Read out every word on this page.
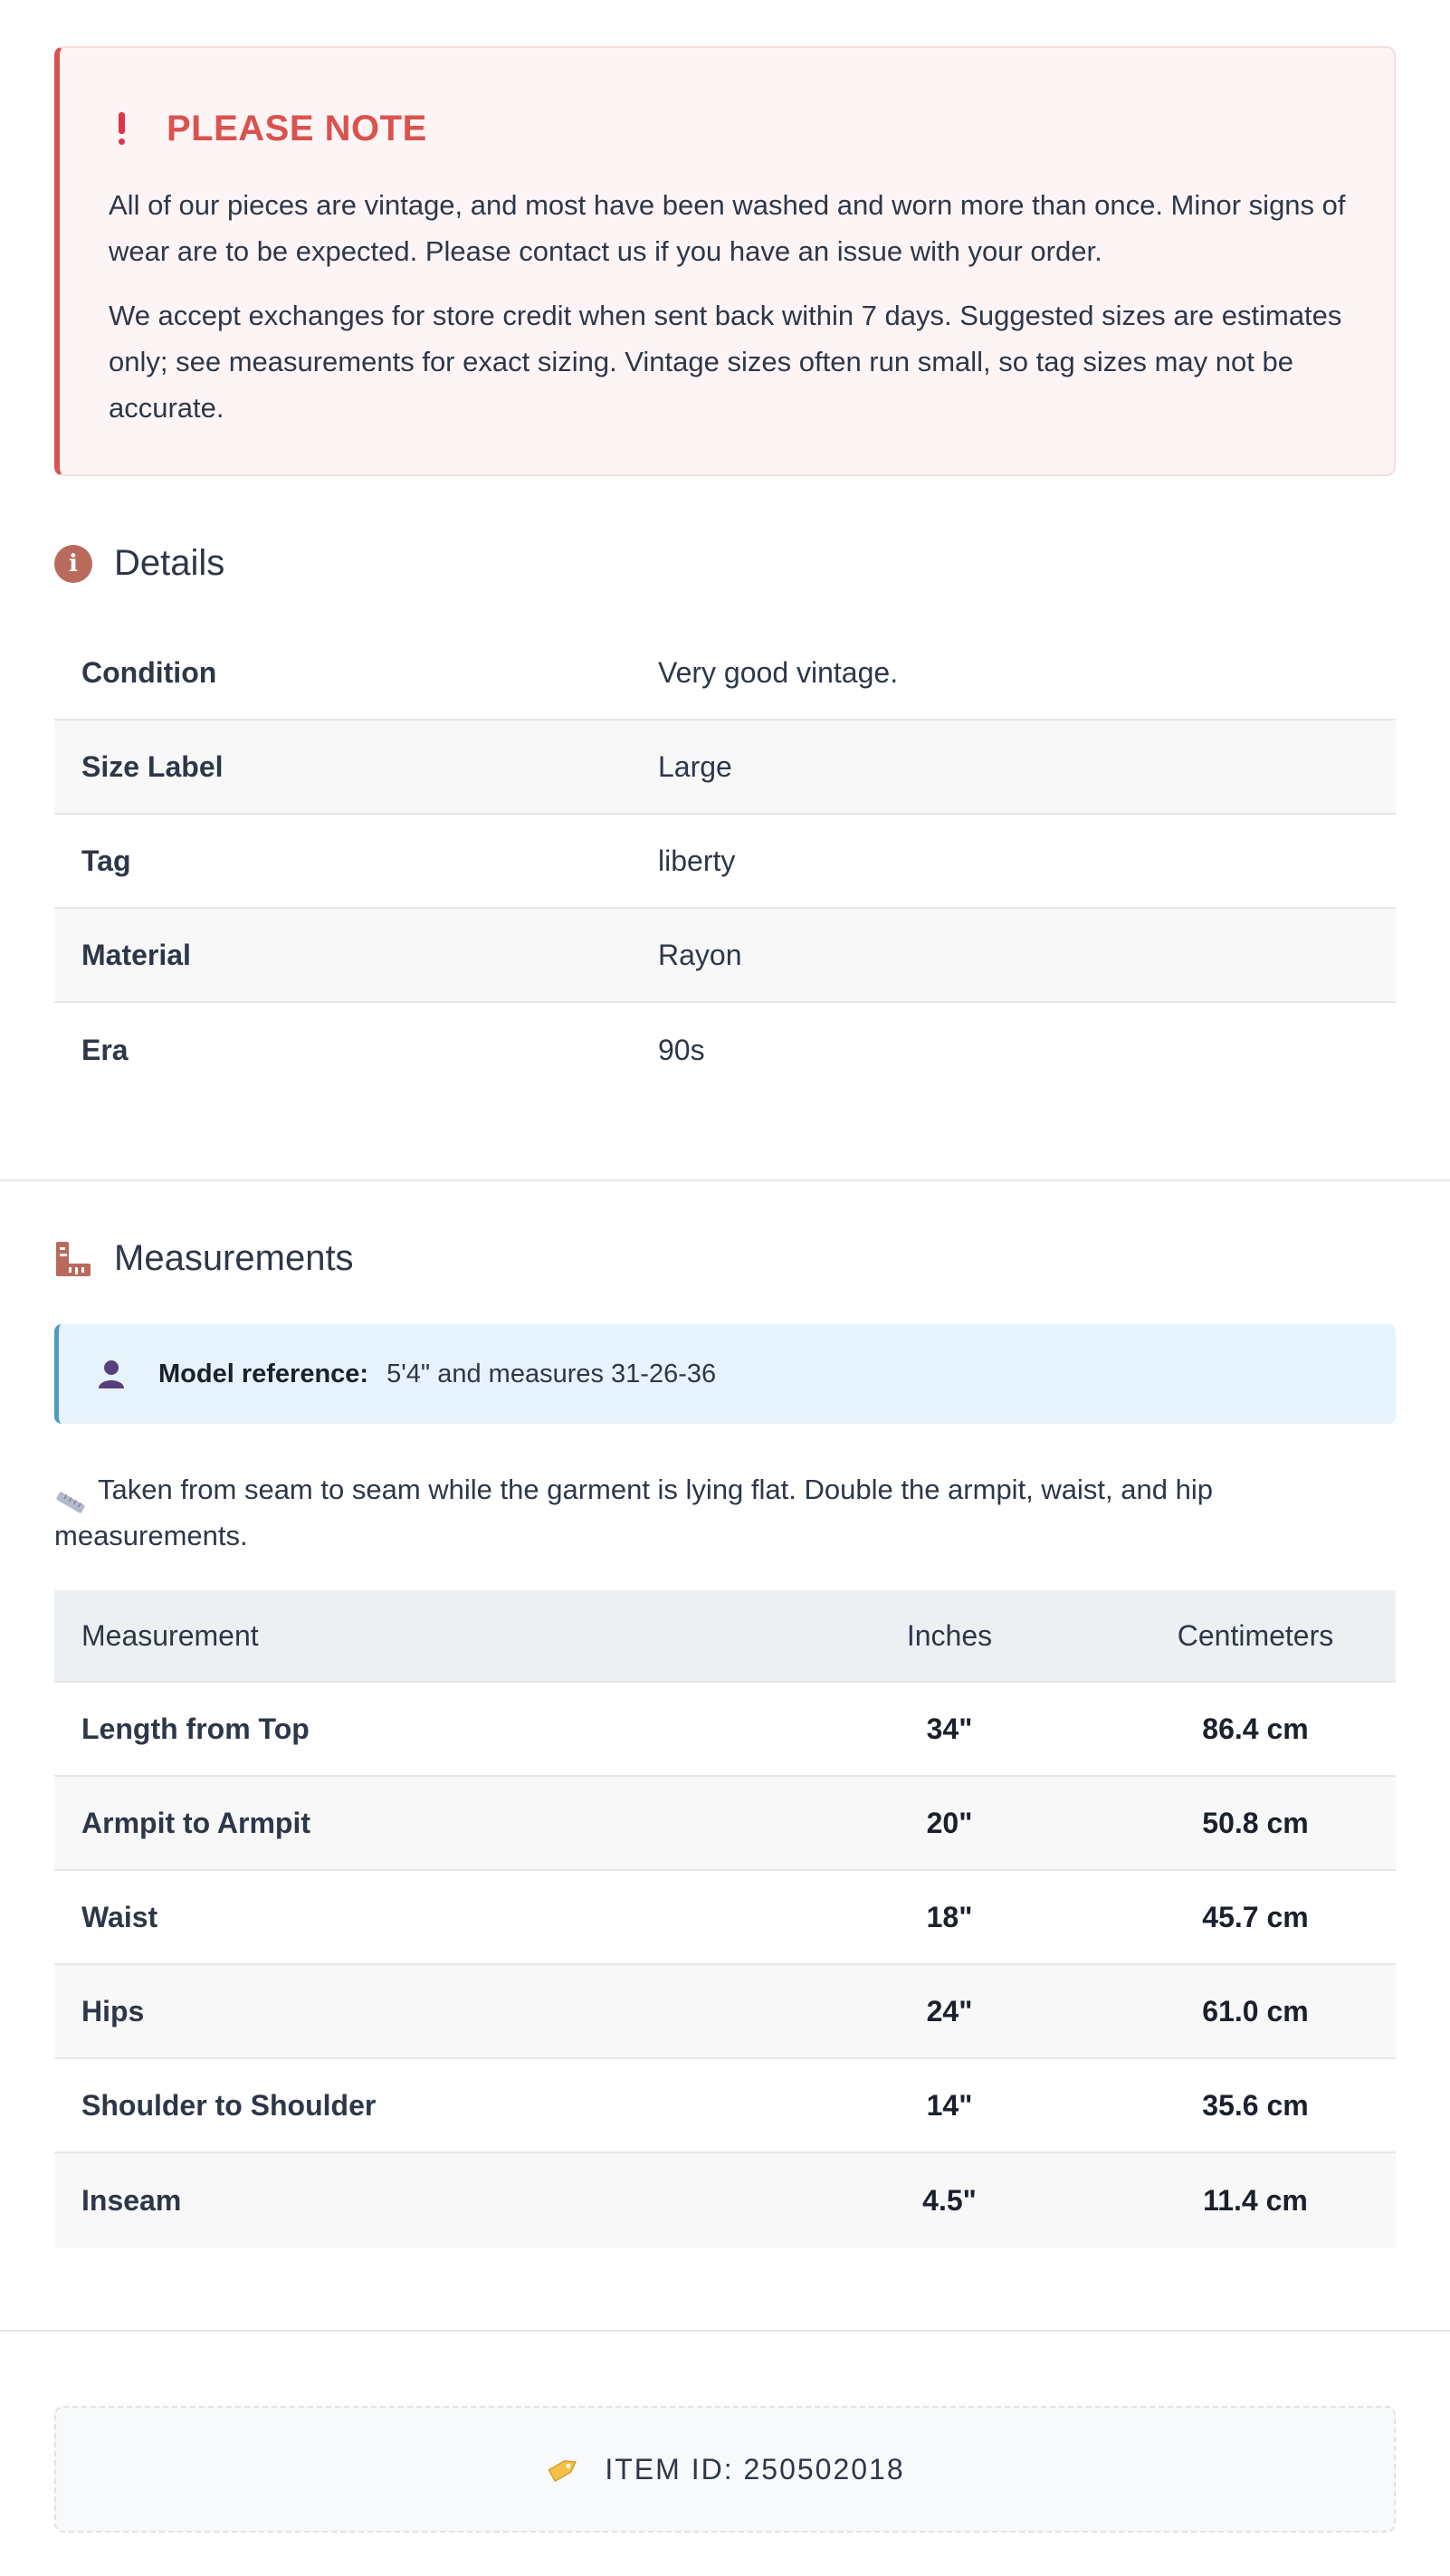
PLEASE NOTE

All of our pieces are vintage, and most have been washed and worn more than once. Minor signs of wear are to be expected. Please contact us if you have an issue with your order.

We accept exchanges for store credit when sent back within 7 days. Suggested sizes are estimates only; see measurements for exact sizing. Vintage sizes often run small, so tag sizes may not be accurate.

i	Details
Condition	Very good vintage.
Size Label	Large
Tag	liberty
Material	Rayon
Era	90s
Measurements
Model reference: 5'4" and measures 31-26-36
Taken from seam to seam while the garment is lying flat. Double the armpit, waist, and hip measurements.
Measurement	Inches	Centimeters
Length from Top	34"	86.4 cm
Armpit to Armpit	20"	50.8 cm
Waist	18"	45.7 cm
Hips	24"	61.0 cm
Shoulder to Shoulder	14"	35.6 cm
Inseam	4.5"	11.4 cm
ITEM ID: 250502018
